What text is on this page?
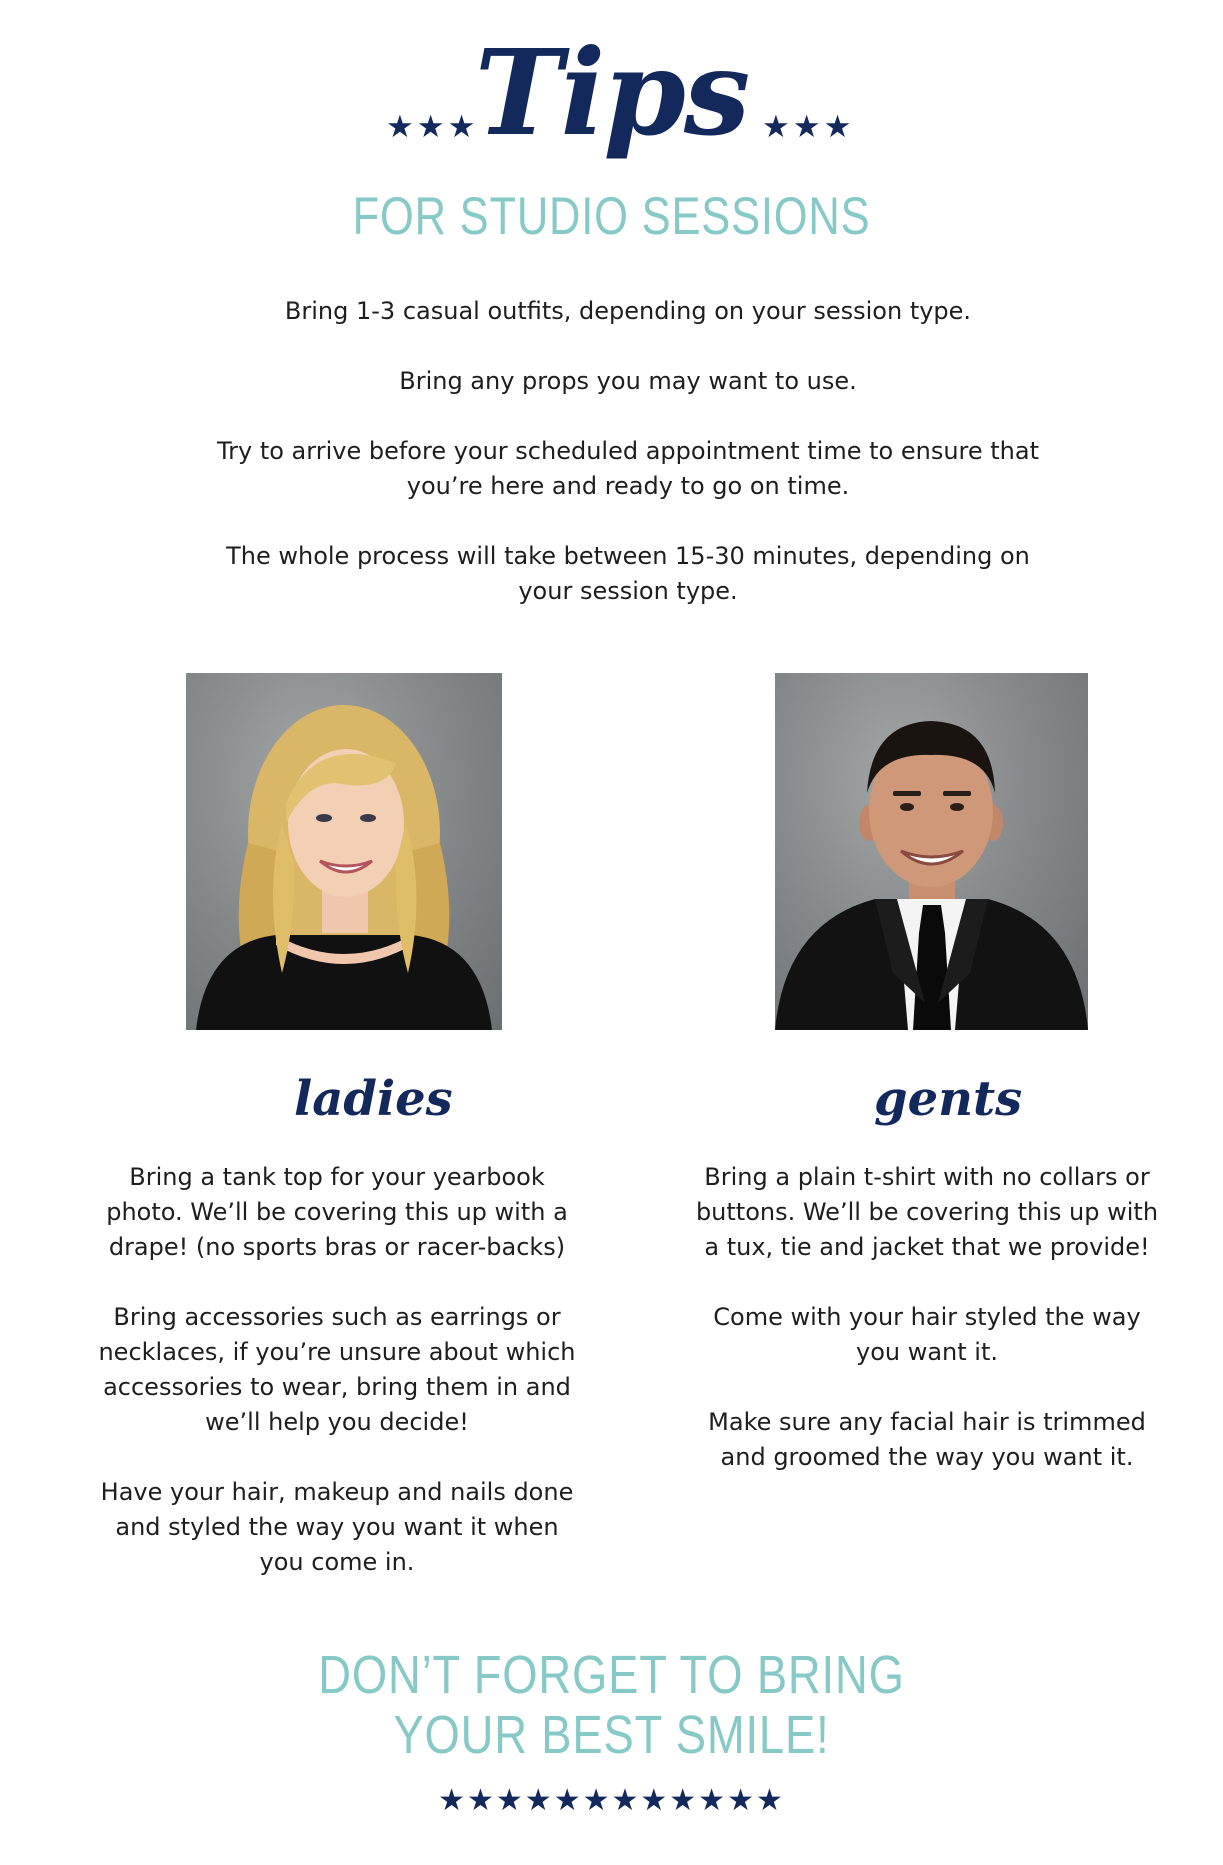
★★★
Tips ★★★
FOR STUDIO SESSIONS

Bring 1-3 casual outfits, depending on your session type.

Bring any props you may want to use.

Try to arrive before your scheduled appointment time to ensure that you’re here and ready to go on time.

The whole process will take between 15-30 minutes, depending on your session type.

ladies

Bring a tank top for your yearbook photo. We’ll be covering this up with a drape! (no sports bras or racer-backs)

Bring accessories such as earrings or necklaces, if you’re unsure about which accessories to wear, bring them in and we’ll help you decide!

Have your hair, makeup and nails done and styled the way you want it when you come in.

gents

Bring a plain t-shirt with no collars or buttons. We’ll be covering this up with a tux, tie and jacket that we provide!

Come with your hair styled the way you want it.

Make sure any facial hair is trimmed and groomed the way you want it.

DON’T FORGET TO BRING
YOUR BEST SMILE!
★★★★★★★★★★★★
